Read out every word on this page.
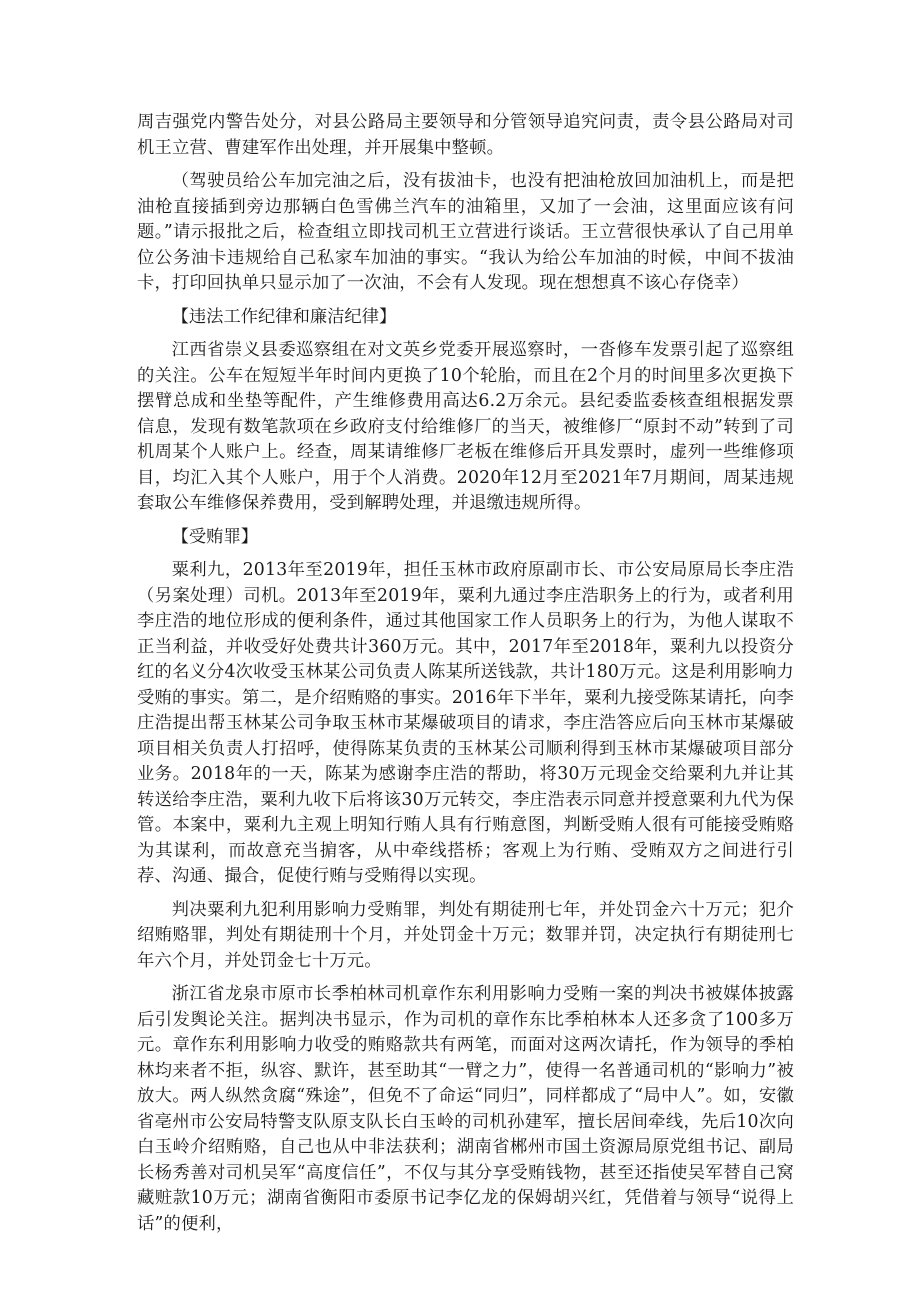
周吉强党内警告处分，对县公路局主要领导和分管领导追究问责，责令县公路局对司机王立营、曹建军作出处理，并开展集中整顿。

（驾驶员给公车加完油之后，没有拔油卡，也没有把油枪放回加油机上，而是把油枪直接插到旁边那辆白色雪佛兰汽车的油箱里，又加了一会油，这里面应该有问题。”请示报批之后，检查组立即找司机王立营进行谈话。王立营很快承认了自己用单位公务油卡违规给自己私家车加油的事实。“我认为给公车加油的时候，中间不拔油卡，打印回执单只显示加了一次油，不会有人发现。现在想想真不该心存侥幸）

【违法工作纪律和廉洁纪律】

江西省崇义县委巡察组在对文英乡党委开展巡察时，一沓修车发票引起了巡察组的关注。公车在短短半年时间内更换了10个轮胎，而且在2个月的时间里多次更换下摆臂总成和坐垫等配件，产生维修费用高达6.2万余元。县纪委监委核查组根据发票信息，发现有数笔款项在乡政府支付给维修厂的当天，被维修厂“原封不动”转到了司机周某个人账户上。经查，周某请维修厂老板在维修后开具发票时，虚列一些维修项目，均汇入其个人账户，用于个人消费。2020年12月至2021年7月期间，周某违规套取公车维修保养费用，受到解聘处理，并退缴违规所得。

【受贿罪】

粟利九，2013年至2019年，担任玉林市政府原副市长、市公安局原局长李庄浩（另案处理）司机。2013年至2019年，粟利九通过李庄浩职务上的行为，或者利用李庄浩的地位形成的便利条件，通过其他国家工作人员职务上的行为，为他人谋取不正当利益，并收受好处费共计360万元。其中，2017年至2018年，粟利九以投资分红的名义分4次收受玉林某公司负责人陈某所送钱款，共计180万元。这是利用影响力受贿的事实。第二，是介绍贿赂的事实。2016年下半年，粟利九接受陈某请托，向李庄浩提出帮玉林某公司争取玉林市某爆破项目的请求，李庄浩答应后向玉林市某爆破项目相关负责人打招呼，使得陈某负责的玉林某公司顺利得到玉林市某爆破项目部分业务。2018年的一天，陈某为感谢李庄浩的帮助，将30万元现金交给粟利九并让其转送给李庄浩，粟利九收下后将该30万元转交，李庄浩表示同意并授意粟利九代为保管。本案中，粟利九主观上明知行贿人具有行贿意图，判断受贿人很有可能接受贿赂为其谋利，而故意充当掮客，从中牵线搭桥；客观上为行贿、受贿双方之间进行引荐、沟通、撮合，促使行贿与受贿得以实现。

判决粟利九犯利用影响力受贿罪，判处有期徒刑七年，并处罚金六十万元；犯介绍贿赂罪，判处有期徒刑十个月，并处罚金十万元；数罪并罚，决定执行有期徒刑七年六个月，并处罚金七十万元。

浙江省龙泉市原市长季柏林司机章作东利用影响力受贿一案的判决书被媒体披露后引发舆论关注。据判决书显示，作为司机的章作东比季柏林本人还多贪了100多万元。章作东利用影响力收受的贿赂款共有两笔，而面对这两次请托，作为领导的季柏林均来者不拒，纵容、默许，甚至助其“一臂之力”，使得一名普通司机的“影响力”被放大。两人纵然贪腐“殊途”，但免不了命运“同归”，同样都成了“局中人”。如，安徽省亳州市公安局特警支队原支队长白玉岭的司机孙建军，擅长居间牵线，先后10次向白玉岭介绍贿赂，自己也从中非法获利；湖南省郴州市国土资源局原党组书记、副局长杨秀善对司机吴军“高度信任”，不仅与其分享受贿钱物，甚至还指使吴军替自己窝藏赃款10万元；湖南省衡阳市委原书记李亿龙的保姆胡兴红，凭借着与领导“说得上话”的便利，
